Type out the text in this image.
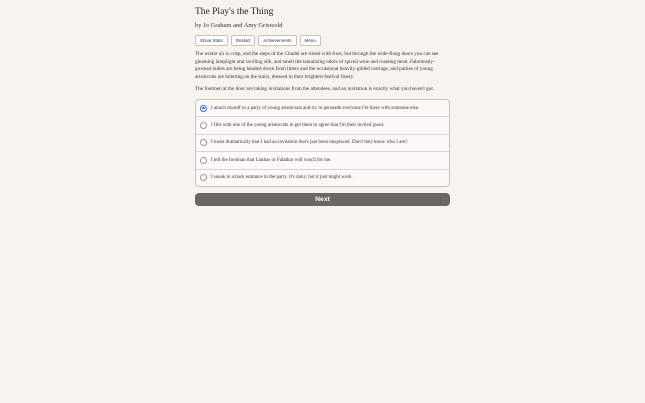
The Play's the Thing
by Jo Graham and Amy Griswold
Show Stats	Restart	Achievements	Menu

The winter air is crisp, and the steps of the Citadel are rimed with frost, but through the wide-flung doors you can see gleaming lamplight and swirling silk, and smell the tantalizing odors of spiced wine and roasting meat. Fabulously-gowned ladies are being handed down from litters and the occasional heavily-gilded carriage, and parties of young aristocrats are loitering on the stairs, dressed in their brightest festival finery.

The footmen at the door are taking invitations from the attendees, and an invitation is exactly what you haven't got.

I attach myself to a party of young aristocrats and try to persuade everyone I'm there with someone else.
I flirt with one of the young aristocrats to get them to agree that I'm their invited guest.
I insist dramatically that I had an invitation that's just been misplaced. Don't they know who I am?
I tell the footman that Liathas or Falathar will vouch for me.
I sneak in a back entrance to the party. It's risky, but it just might work.
Next
